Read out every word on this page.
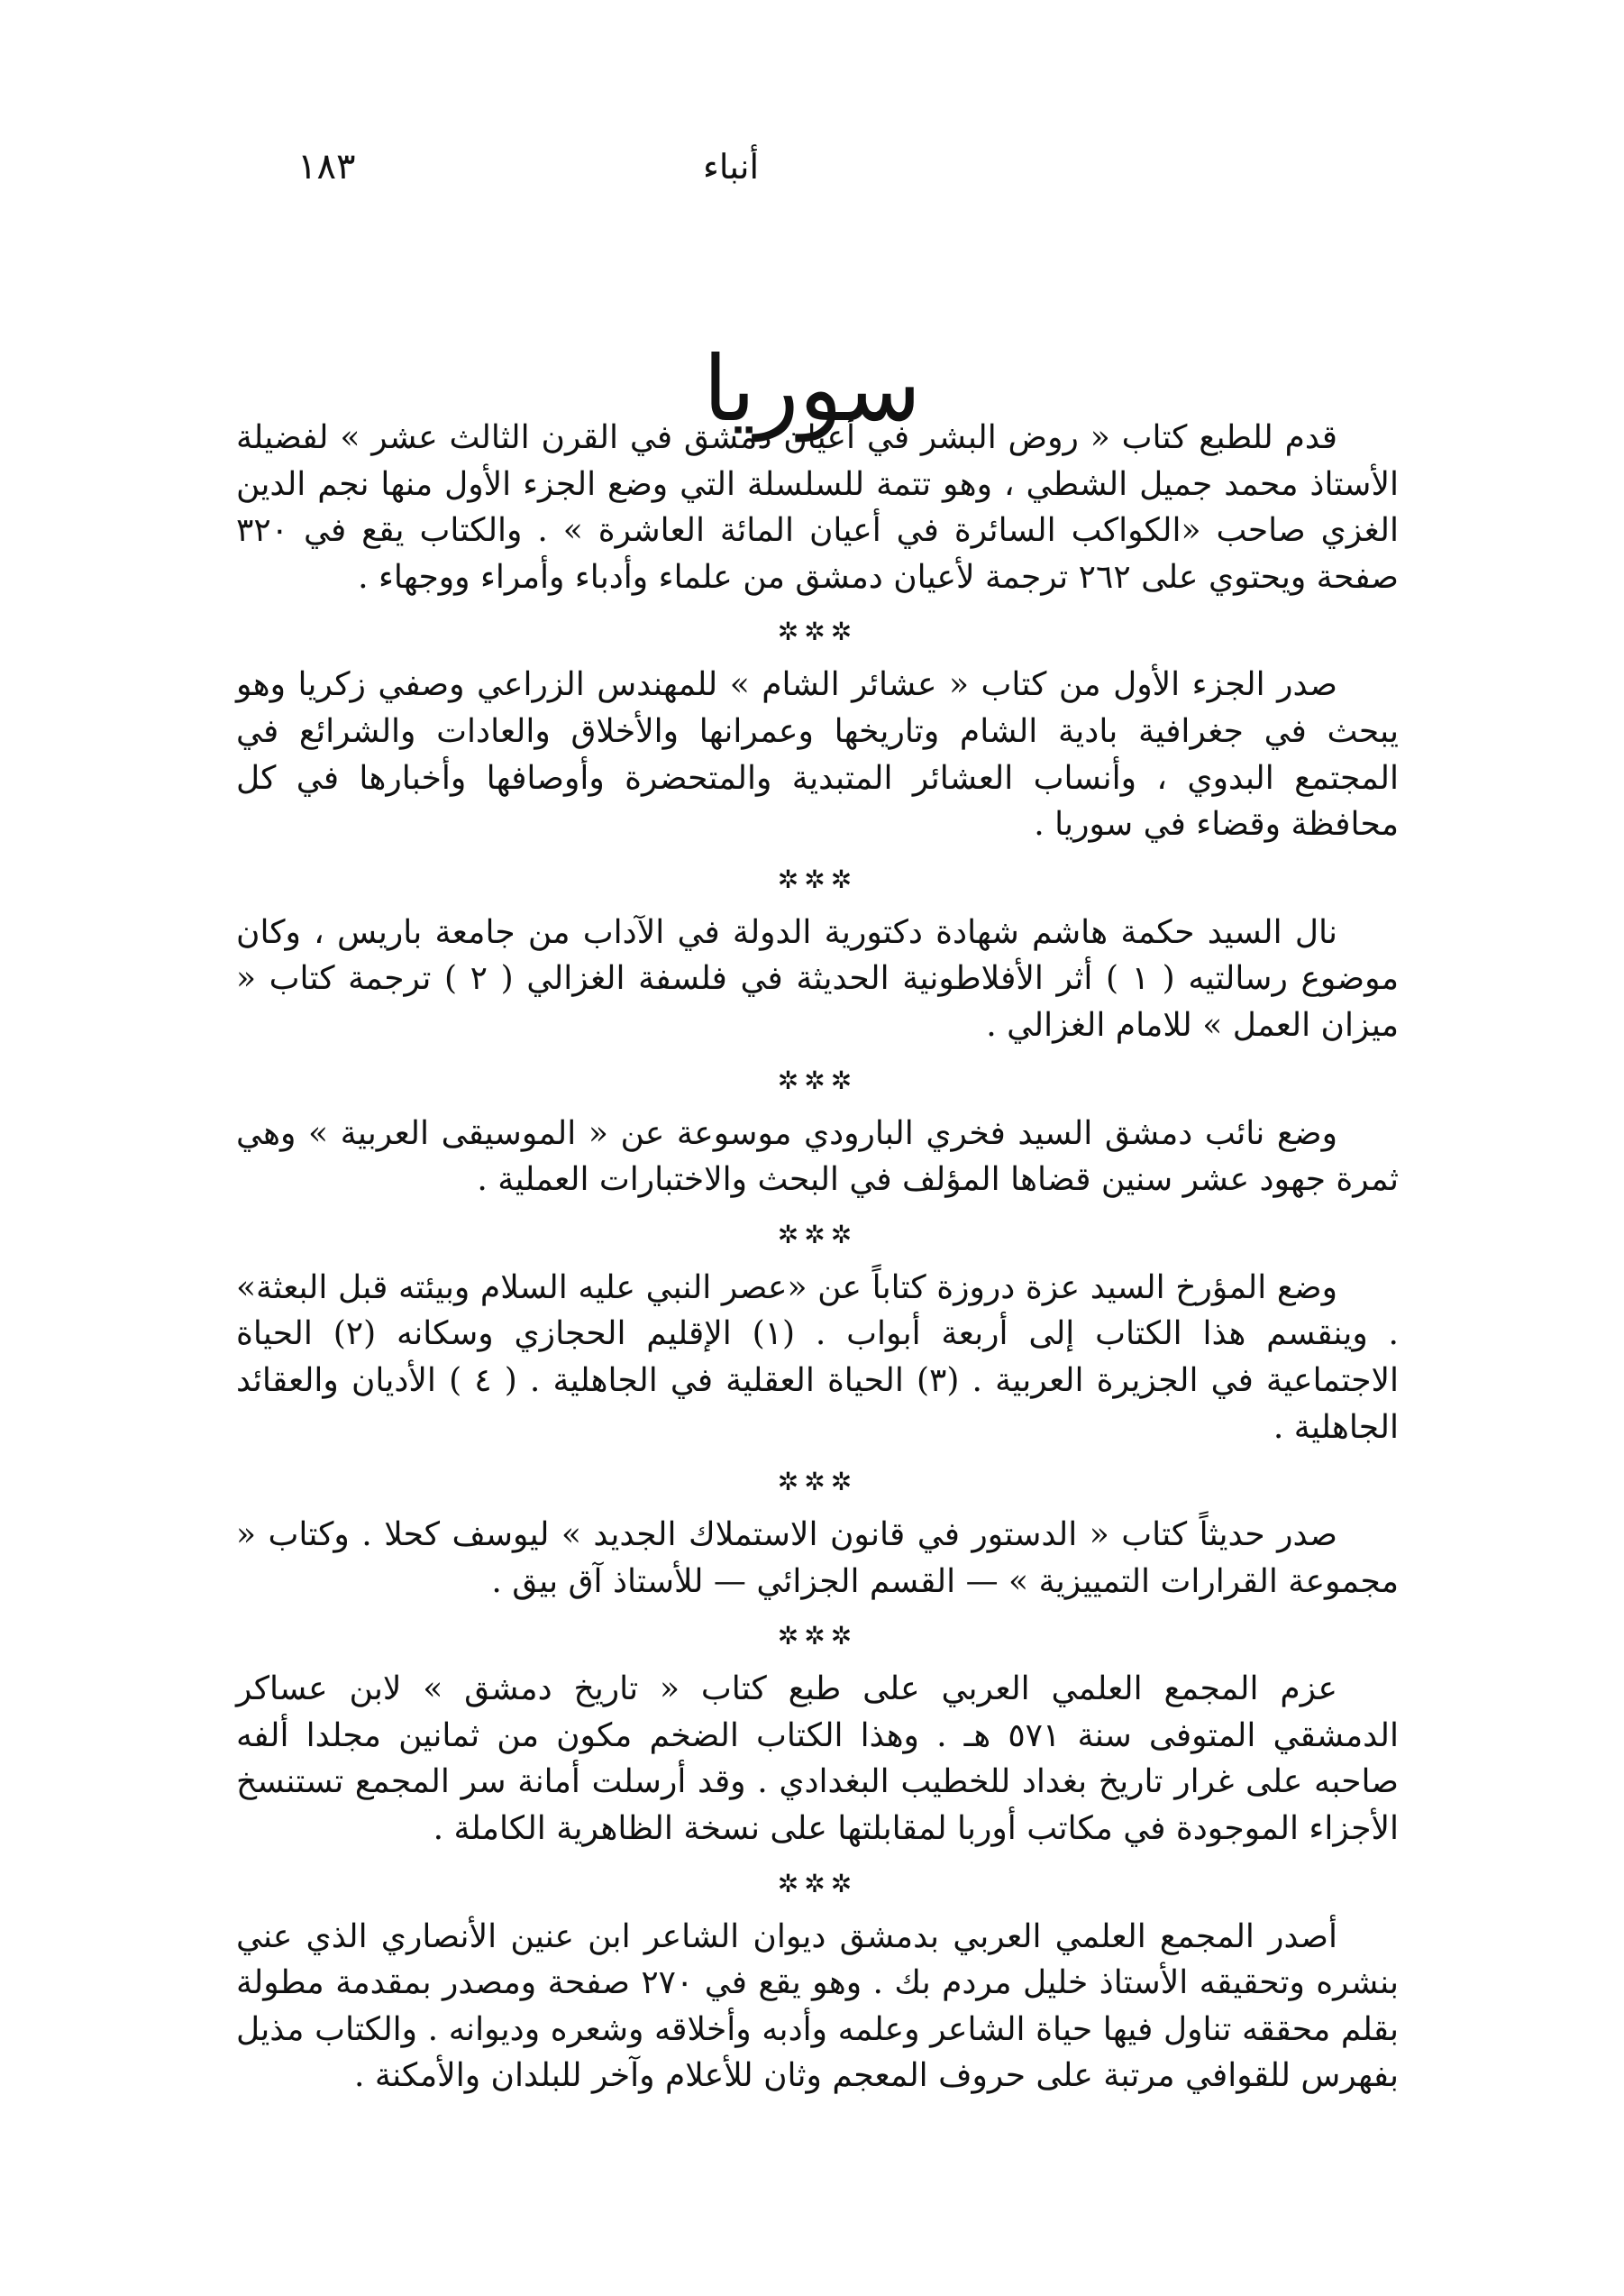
أنباء
١٨٣
سوريا

قدم للطبع كتاب « روض البشر في أعيان دمشق في القرن الثالث عشر » لفضيلة الأستاذ محمد جميل الشطي ، وهو تتمة للسلسلة التي وضع الجزء الأول منها نجم الدين الغزي صاحب «الكواكب السائرة في أعيان المائة العاشرة » . والكتاب يقع في ٣٢٠ صفحة ويحتوي على ٢٦٢ ترجمة لأعيان دمشق من علماء وأدباء وأمراء ووجهاء .

✲✲✲

صدر الجزء الأول من كتاب « عشائر الشام » للمهندس الزراعي وصفي زكريا وهو يبحث في جغرافية بادية الشام وتاريخها وعمرانها والأخلاق والعادات والشرائع في المجتمع البدوي ، وأنساب العشائر المتبدية والمتحضرة وأوصافها وأخبارها في كل محافظة وقضاء في سوريا .

✲✲✲

نال السيد حكمة هاشم شهادة دكتورية الدولة في الآداب من جامعة باريس ، وكان موضوع رسالتيه ( ١ ) أثر الأفلاطونية الحديثة في فلسفة الغزالي ( ٢ ) ترجمة كتاب « ميزان العمل » للامام الغزالي .

✲✲✲

وضع نائب دمشق السيد فخري البارودي موسوعة عن « الموسيقى العربية » وهي ثمرة جهود عشر سنين قضاها المؤلف في البحث والاختبارات العملية .

✲✲✲

وضع المؤرخ السيد عزة دروزة كتاباً عن «عصر النبي عليه السلام وبيئته قبل البعثة» . وينقسم هذا الكتاب إلى أربعة أبواب . (١) الإقليم الحجازي وسكانه (٢) الحياة الاجتماعية في الجزيرة العربية . (٣) الحياة العقلية في الجاهلية . ( ٤ ) الأديان والعقائد الجاهلية .

✲✲✲

صدر حديثاً كتاب « الدستور في قانون الاستملاك الجديد » ليوسف كحلا . وكتاب « مجموعة القرارات التمييزية » — القسم الجزائي — للأستاذ آق بيق .

✲✲✲

عزم المجمع العلمي العربي على طبع كتاب « تاريخ دمشق » لابن عساكر الدمشقي المتوفى سنة ٥٧١ هـ . وهذا الكتاب الضخم مكون من ثمانين مجلدا ألفه صاحبه على غرار تاريخ بغداد للخطيب البغدادي . وقد أرسلت أمانة سر المجمع تستنسخ الأجزاء الموجودة في مكاتب أوربا لمقابلتها على نسخة الظاهرية الكاملة .

✲✲✲

أصدر المجمع العلمي العربي بدمشق ديوان الشاعر ابن عنين الأنصاري الذي عني بنشره وتحقيقه الأستاذ خليل مردم بك . وهو يقع في ٢٧٠ صفحة ومصدر بمقدمة مطولة بقلم محققه تناول فيها حياة الشاعر وعلمه وأدبه وأخلاقه وشعره وديوانه . والكتاب مذيل بفهرس للقوافي مرتبة على حروف المعجم وثان للأعلام وآخر للبلدان والأمكنة .
